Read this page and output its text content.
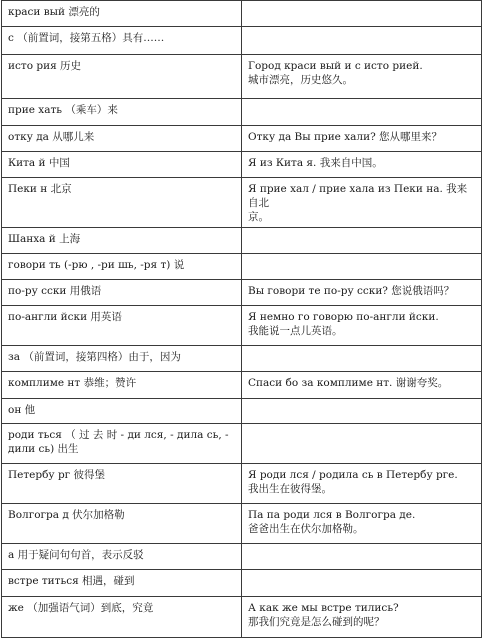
краси вый 漂亮的	

с （前置词，接第五格）具有……	

исто рия 历史	Город краси вый и с исто рией.
城市漂亮，历史悠久。

прие хать （乘车）来	

отку да 从哪儿来	Отку да Вы прие хали? 您从哪里来？

Кита й 中国	Я из Кита я. 我来自中国。

Пеки н 北京	Я прие хал / прие хала из Пеки на. 我来自北
京。

Шанха й 上海	

говори ть (-рю , -ри шь, -ря т) 说	

по-ру сски 用俄语	Вы говори те по-ру сски? 您说俄语吗？

по-англи йски 用英语	Я немно го говорю по-англи йски.
我能说一点儿英语。

за （前置词，接第四格）由于，因为	

комплиме нт 恭维；赞许	Спаси бо за комплиме нт. 谢谢夸奖。

он 他	

роди ться （ 过 去 时 - ди лся, - дила сь, -
дили сь) 出生	

Петербу рг 彼得堡	Я роди лся / родила сь в Петербу рге.
我出生在彼得堡。

Волгогра д 伏尔加格勒	Па па роди лся в Волгогра де.
爸爸出生在伏尔加格勒。

а 用于疑问句句首，表示反驳	

встре титься 相遇，碰到	

же （加强语气词）到底，究竟	А как же мы встре тились?
那我们究竟是怎么碰到的呢？
